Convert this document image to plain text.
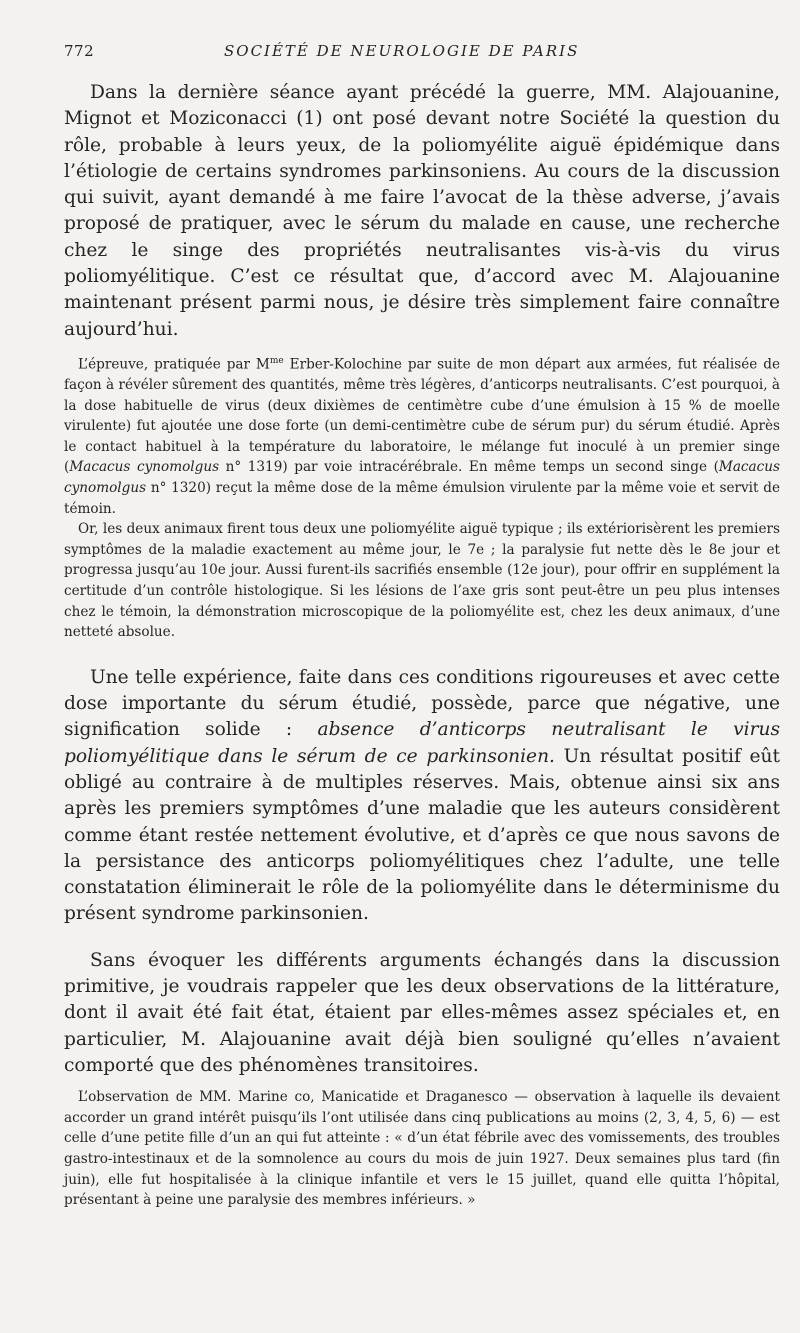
772	SOCIÉTÉ DE NEUROLOGIE DE PARIS

Dans la dernière séance ayant précédé la guerre, MM. Alajouanine, Mignot et Moziconacci (1) ont posé devant notre Société la question du rôle, probable à leurs yeux, de la poliomyélite aiguë épidémique dans l’étiologie de certains syndromes parkinsoniens. Au cours de la discussion qui suivit, ayant demandé à me faire l’avocat de la thèse adverse, j’avais proposé de pratiquer, avec le sérum du malade en cause, une recherche chez le singe des propriétés neutralisantes vis-à-vis du virus poliomyélitique. C’est ce résultat que, d’accord avec M. Alajouanine maintenant présent parmi nous, je désire très simplement faire connaître aujourd’hui.

L’épreuve, pratiquée par $M^{me}$ Erber-Kolochine par suite de mon départ aux armées, fut réalisée de façon à révéler sûrement des quantités, même très légères, d’anticorps neutralisants. C’est pourquoi, à la dose habituelle de virus (deux dixièmes de centimètre cube d’une émulsion à 15 % de moelle virulente) fut ajoutée une dose forte (un demi-centimètre cube de sérum pur) du sérum étudié. Après le contact habituel à la température du laboratoire, le mélange fut inoculé à un premier singe (Macacus cynomolgus n° 1319) par voie intracérébrale. En même temps un second singe (Macacus cynomolgus n° 1320) reçut la même dose de la même émulsion virulente par la même voie et servit de témoin.

Or, les deux animaux firent tous deux une poliomyélite aiguë typique ; ils extériorisèrent les premiers symptômes de la maladie exactement au même jour, le 7e ; la paralysie fut nette dès le 8e jour et progressa jusqu’au 10e jour. Aussi furent-ils sacrifiés ensemble (12e jour), pour offrir en supplément la certitude d’un contrôle histologique. Si les lésions de l’axe gris sont peut-être un peu plus intenses chez le témoin, la démonstration microscopique de la poliomyélite est, chez les deux animaux, d’une netteté absolue.

Une telle expérience, faite dans ces conditions rigoureuses et avec cette dose importante du sérum étudié, possède, parce que négative, une signification solide : absence d’anticorps neutralisant le virus poliomyélitique dans le sérum de ce parkinsonien. Un résultat positif eût obligé au contraire à de multiples réserves. Mais, obtenue ainsi six ans après les premiers symptômes d’une maladie que les auteurs considèrent comme étant restée nettement évolutive, et d’après ce que nous savons de la persistance des anticorps poliomyélitiques chez l’adulte, une telle constatation éliminerait le rôle de la poliomyélite dans le déterminisme du présent syndrome parkinsonien.

Sans évoquer les différents arguments échangés dans la discussion primitive, je voudrais rappeler que les deux observations de la littérature, dont il avait été fait état, étaient par elles-mêmes assez spéciales et, en particulier, M. Alajouanine avait déjà bien souligné qu’elles n’avaient comporté que des phénomènes transitoires.

L’observation de MM. Marine co, Manicatide et Draganesco — observation à laquelle ils devaient accorder un grand intérêt puisqu’ils l’ont utilisée dans cinq publications au moins (2, 3, 4, 5, 6) — est celle d’une petite fille d’un an qui fut atteinte : « d’un état fébrile avec des vomissements, des troubles gastro-intestinaux et de la somnolence au cours du mois de juin 1927. Deux semaines plus tard (fin juin), elle fut hospitalisée à la clinique infantile et vers le 15 juillet, quand elle quitta l’hôpital, présentant à peine une paralysie des membres inférieurs. »
